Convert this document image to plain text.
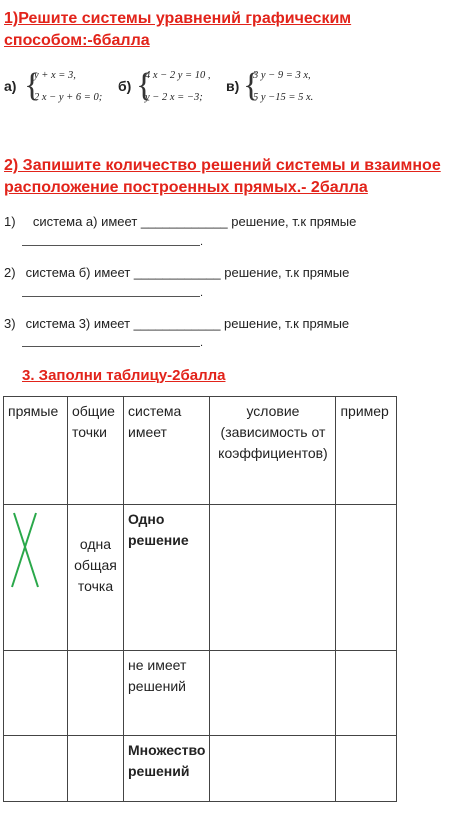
1)Решите системы уравнений графическим способом:-6балла
а) {
y + x = 3,
2 x − y + 6 = 0;
б) {
4 x − 2 y = 10 ,
y − 2 x = −3;
в) {
3 y − 9 = 3 x,
5 y −15 = 5 x.
2) Запишите количество решений системы и взаимное расположение построенных прямых.- 2балла
1)   система а) имеет ____________ решение, т.к прямые
.
2) система б) имеет ____________ решение, т.к прямые
.
3) система 3) имеет ____________ решение, т.к прямые
.
3. Заполни таблицу-2балла
прямые	общие точки	система имеет	условие (зависимость от коэффициентов)	пример
	одна общая точка	Одно решение		
		не имеет решений		
		Множество решений		
